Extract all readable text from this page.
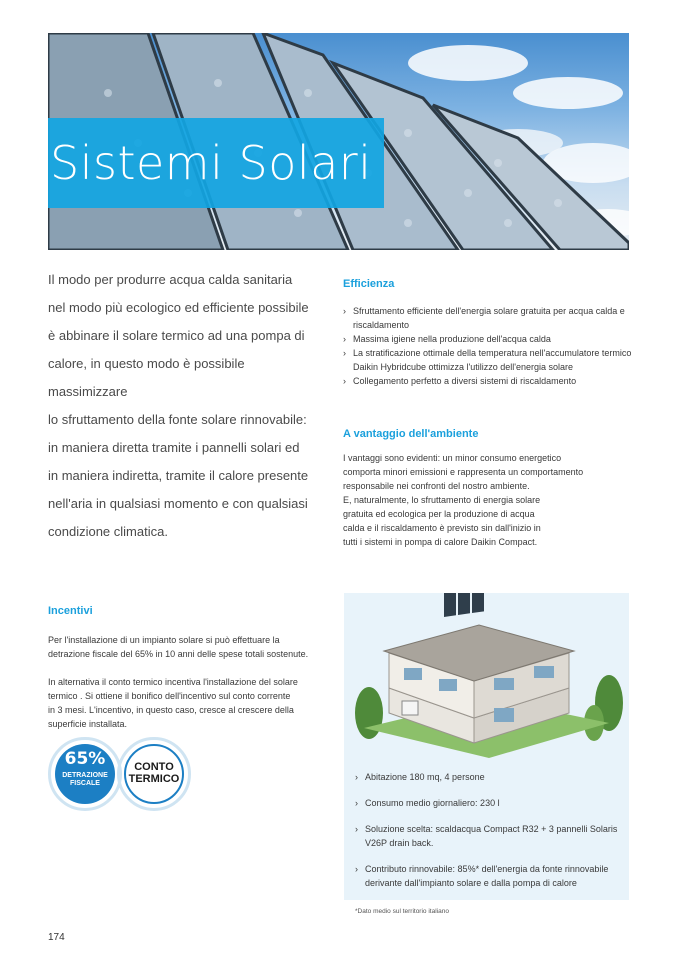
Sistemi Solari

Il modo per produrre acqua calda sanitaria

nel modo più ecologico ed efficiente possibile

è abbinare il solare termico ad una pompa di

calore, in questo modo è possibile massimizzare

lo sfruttamento della fonte solare rinnovabile:

in maniera diretta tramite i pannelli solari ed

in maniera indiretta, tramite il calore presente

nell'aria in qualsiasi momento e con qualsiasi

condizione climatica.

Efficienza
› Sfruttamento efficiente dell'energia solare gratuita per acqua calda e riscaldamento
› Massima igiene nella produzione dell'acqua calda
› La stratificazione ottimale della temperatura nell'accumulatore termico Daikin Hybridcube ottimizza l'utilizzo dell'energia solare
› Collegamento perfetto a diversi sistemi di riscaldamento
A vantaggio dell'ambiente
I vantaggi sono evidenti: un minor consumo energetico
comporta minori emissioni e rappresenta un comportamento
responsabile nei confronti del nostro ambiente.
E, naturalmente, lo sfruttamento di energia solare
gratuita ed ecologica per la produzione di acqua
calda e il riscaldamento è previsto sin dall'inizio in
tutti i sistemi in pompa di calore Daikin Compact.
Incentivi
Per l'installazione di un impianto solare si può effettuare la
detrazione fiscale del 65% in 10 anni delle spese totali sostenute.
In alternativa il conto termico incentiva l'installazione del solare
termico . Si ottiene il bonifico dell'incentivo sul conto corrente
in 3 mesi. L'incentivo, in questo caso, cresce al crescere della
superficie installata.
65%
DETRAZIONE
FISCALE
CONTO
TERMICO
›	Abitazione 180 mq, 4 persone
› Consumo medio giornaliero: 230 l
› Soluzione scelta: scaldacqua Compact R32 + 3 pannelli Solaris V26P drain back.
› Contributo rinnovabile: 85%* dell'energia da fonte rinnovabile derivante dall'impianto solare e dalla pompa di calore
*Dato medio sul territorio italiano
174
